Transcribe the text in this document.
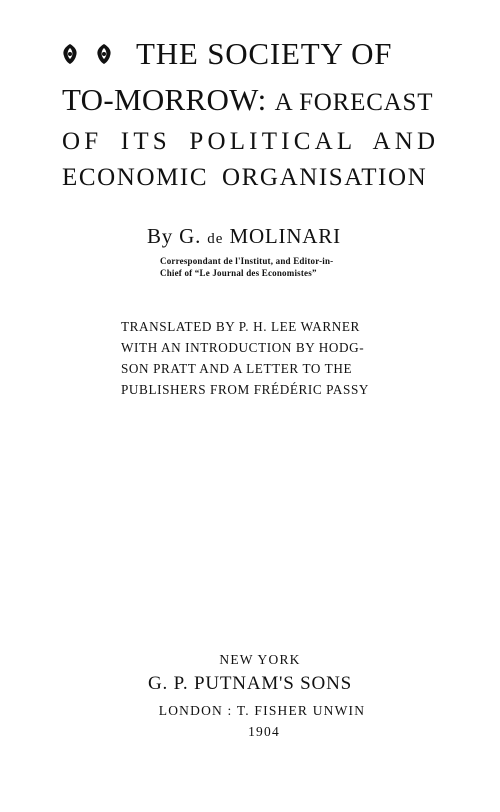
THE SOCIETY OF
TO-MORROW: A FORECAST
OF ITS POLITICAL AND
ECONOMIC ORGANISATION
By G. de MOLINARI
Correspondant de l'Institut, and Editor-in-
Chief of “Le Journal des Economistes”
TRANSLATED BY P. H. LEE WARNER
WITH AN INTRODUCTION BY HODG-
SON PRATT AND A LETTER TO THE
PUBLISHERS FROM FRÉDÉRIC PASSY
NEW YORK
G. P. PUTNAM'S SONS
LONDON : T. FISHER UNWIN
1904
